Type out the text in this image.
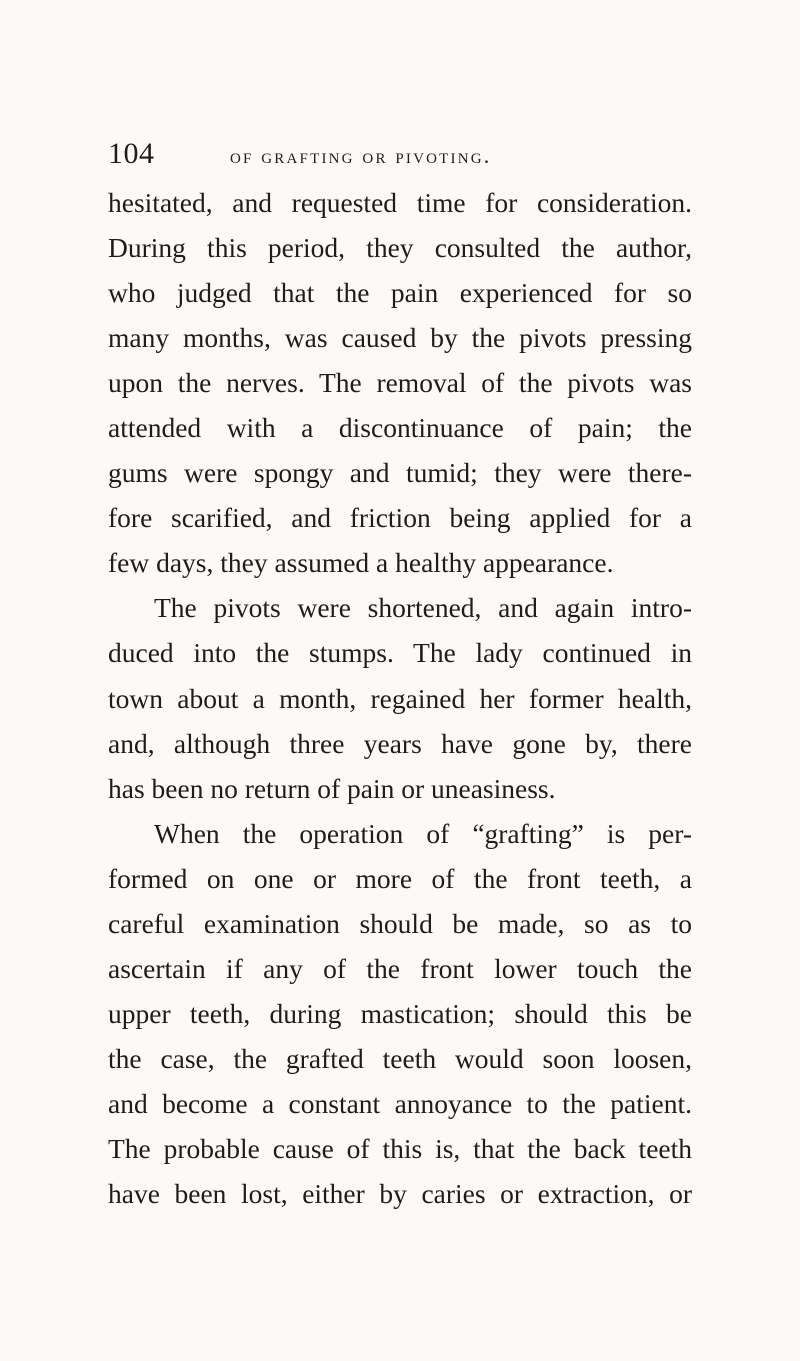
104	of grafting or pivoting.
hesitated, and requested time for consideration.
During this period, they consulted the author,
who judged that the pain experienced for so
many months, was caused by the pivots pressing
upon the nerves. The removal of the pivots was
attended with a discontinuance of pain; the
gums were spongy and tumid; they were there-
fore scarified, and friction being applied for a
few days, they assumed a healthy appearance.
The pivots were shortened, and again intro-
duced into the stumps. The lady continued in
town about a month, regained her former health,
and, although three years have gone by, there
has been no return of pain or uneasiness.
When the operation of “grafting” is per-
formed on one or more of the front teeth, a
careful examination should be made, so as to
ascertain if any of the front lower touch the
upper teeth, during mastication; should this be
the case, the grafted teeth would soon loosen,
and become a constant annoyance to the patient.
The probable cause of this is, that the back teeth
have been lost, either by caries or extraction, or
